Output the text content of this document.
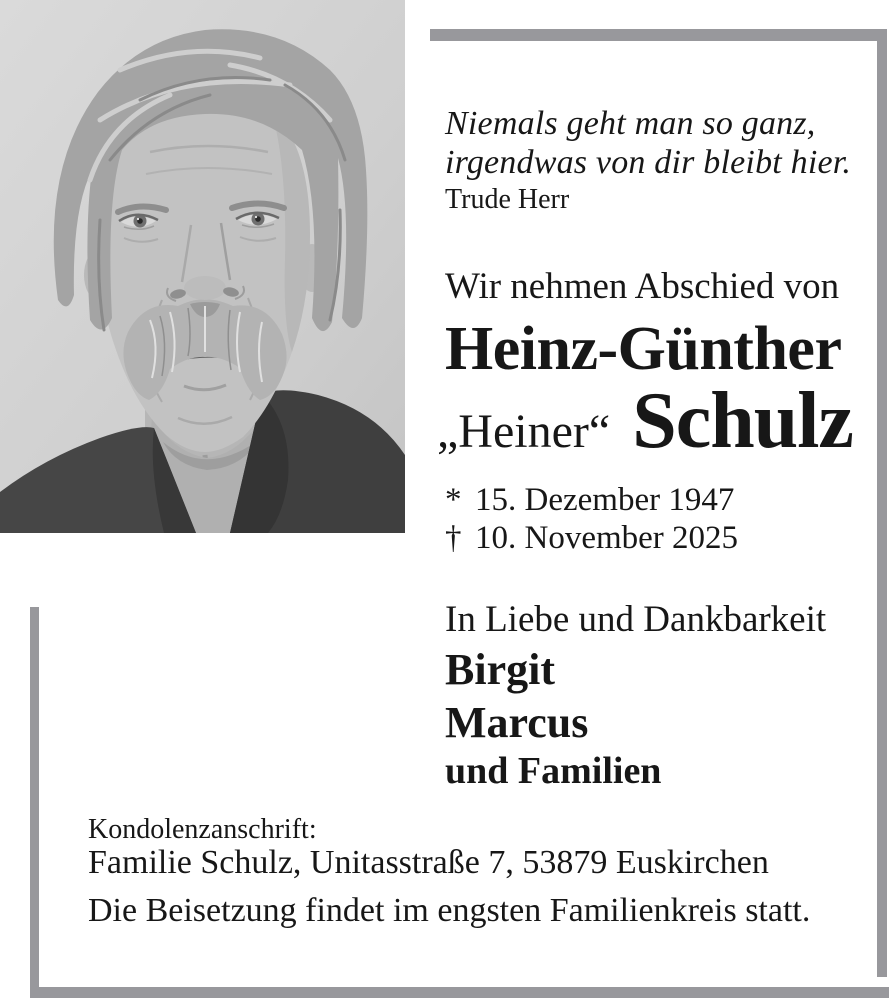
Niemals geht man so ganz,
irgendwas von dir bleibt hier.
Trude Herr
Wir nehmen Abschied von
Heinz-Günther
„Heiner“ Schulz
* 15. Dezember 1947
† 10. November 2025
In Liebe und Dankbarkeit
Birgit
Marcus
und Familien
Kondolenzanschrift:
Familie Schulz, Unitasstraße 7, 53879 Euskirchen
Die Beisetzung findet im engsten Familienkreis statt.
